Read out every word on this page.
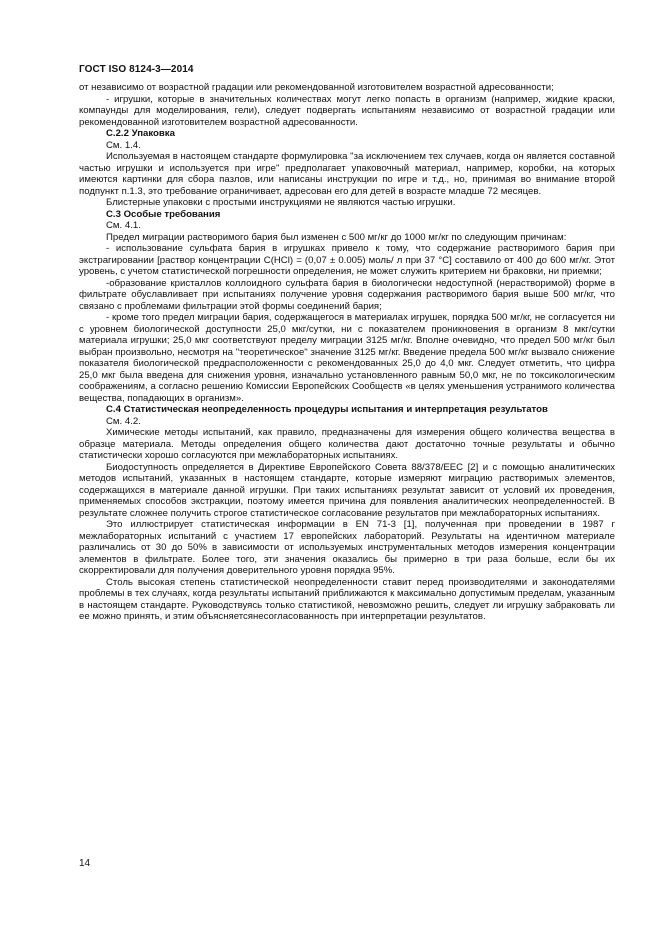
ГОСТ ISO 8124-3—2014

от независимо от возрастной градации или рекомендованной изготовителем возрастной адресованности;

- игрушки, которые в значительных количествах могут легко попасть в организм (например, жидкие краски, компаунды для моделирования, гели), следует подвергать испытаниям независимо от возрастной градации или рекомендованной изготовителем возрастной адресованности.

С.2.2 Упаковка

См. 1.4.

Используемая в настоящем стандарте формулировка "за исключением тех случаев, когда он является составной частью игрушки и используется при игре" предполагает упаковочный материал, например, коробки, на которых имеются картинки для сбора пазлов, или написаны инструкции по игре и т.д., но, принимая во внимание второй подпункт п.1.3, это требование ограничивает, адресован его для детей в возрасте младше 72 месяцев.

Блистерные упаковки с простыми инструкциями не являются частью игрушки.

С.3 Особые требования

См. 4.1.

Предел миграции растворимого бария был изменен с 500 мг/кг до 1000 мг/кг по следующим причинам:

- использование сульфата бария в игрушках привело к тому, что содержание растворимого бария при экстрагировании [раствор концентрации С(HCl) = (0,07 ± 0.005) моль/ л при 37 °С] составило от 400 до 600 мг/кг. Этот уровень, с учетом статистической погрешности определения, не может служить критерием ни браковки, ни приемки;

-образование кристаллов коллоидного сульфата бария в биологически недоступной (нерастворимой) форме в фильтрате обуславливает при испытаниях получение уровня содержания растворимого бария выше 500 мг/кг, что связано с проблемами фильтрации этой формы соединений бария;

- кроме того предел миграции бария, содержащегося в материалах игрушек, порядка 500 мг/кг, не согласуется ни с уровнем биологической доступности 25,0 мкг/сутки, ни с показателем проникновения в организм 8 мкг/сутки материала игрушки; 25,0 мкг соответствуют пределу миграции 3125 мг/кг. Вполне очевидно, что предел 500 мг/кг был выбран произвольно, несмотря на "теоретическое" значение 3125 мг/кг. Введение предела 500 мг/кг вызвало снижение показателя биологической предрасположенности с рекомендованных 25,0 до 4,0 мкг. Следует отметить, что цифра 25,0 мкг была введена для снижения уровня, изначально установленного равным 50,0 мкг, не по токсикологическим соображениям, а согласно решению Комиссии Европейских Сообществ «в целях уменьшения устранимого количества вещества, попадающих в организм».

С.4 Статистическая неопределенность процедуры испытания и интерпретация результатов

См. 4.2.

Химические методы испытаний, как правило, предназначены для измерения общего количества вещества в образце материала. Методы определения общего количества дают достаточно точные результаты и обычно статистически хорошо согласуются при межлабораторных испытаниях.

Биодоступность определяется в Директиве Европейского Совета 88/378/EEC [2] и с помощью аналитических методов испытаний, указанных в настоящем стандарте, которые измеряют миграцию растворимых элементов, содержащихся в материале данной игрушки. При таких испытаниях результат зависит от условий их проведения, применяемых способов экстракции, поэтому имеется причина для появления аналитических неопределенностей. В результате сложнее получить строгое статистическое согласование результатов при межлабораторных испытаниях.

Это иллюстрирует статистическая информации в EN 71-3 [1], полученная при проведении в 1987 г межлабораторных испытаний с участием 17 европейских лабораторий. Результаты на идентичном материале различались от 30 до 50% в зависимости от используемых инструментальных методов измерения концентрации элементов в фильтрате. Более того, эти значения оказались бы примерно в три раза больше, если бы их скорректировали для получения доверительного уровня порядка 95%.

Столь высокая степень статистической неопределенности ставит перед производителями и законодателями проблемы в тех случаях, когда результаты испытаний приближаются к максимально допустимым пределам, указанным в настоящем стандарте. Руководствуясь только статистикой, невозможно решить, следует ли игрушку забраковать ли ее можно принять, и этим объясняетсянесогласованность при интерпретации результатов.

14
